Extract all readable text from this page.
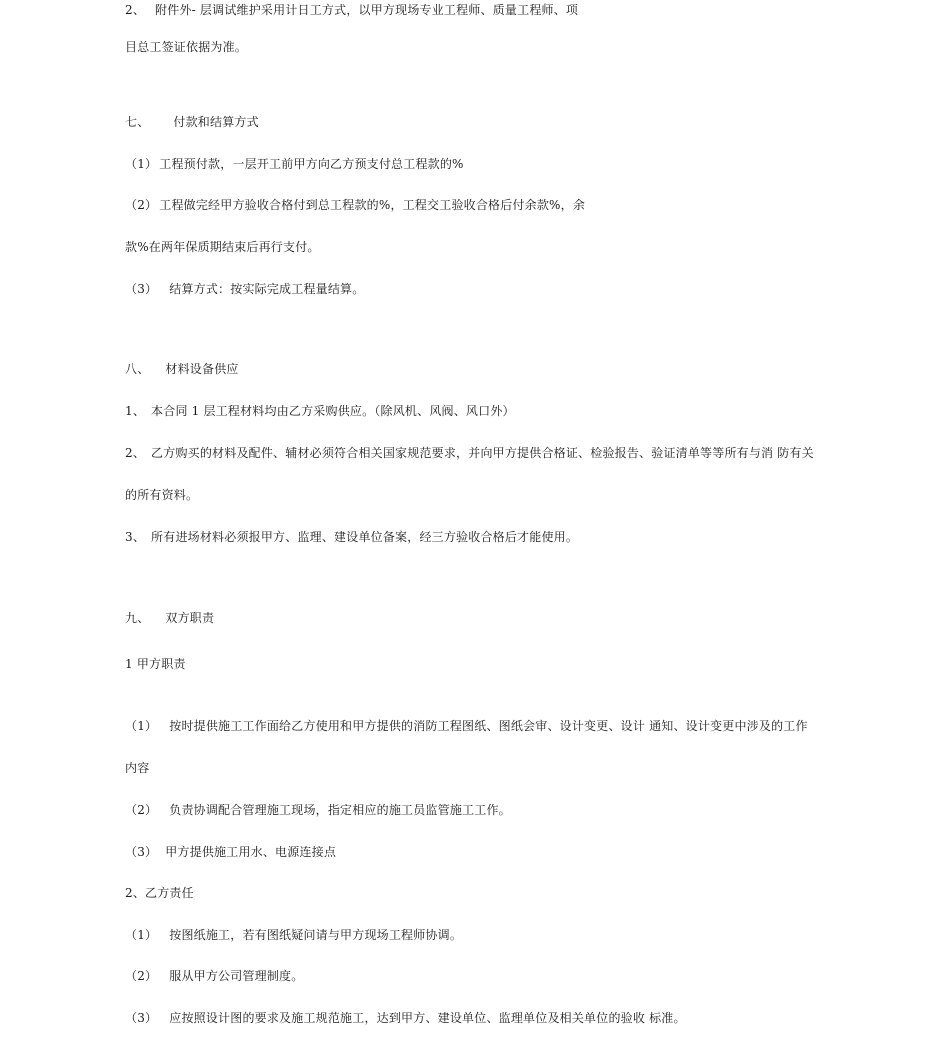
2、 附件外- 层调试维护采用计日工方式，以甲方现场专业工程师、质量工程师、项
目总工签证依据为准。
七、 付款和结算方式
（1） 工程预付款，一层开工前甲方向乙方预支付总工程款的%
（2） 工程做完经甲方验收合格付到总工程款的%，工程交工验收合格后付余款%，余
款%在两年保质期结束后再行支付。
（3） 结算方式：按实际完成工程量结算。
八、 材料设备供应
1、 本合同 1 层工程材料均由乙方采购供应。（除风机、风阀、风口外）
2、 乙方购买的材料及配件、辅材必须符合相关国家规范要求，并向甲方提供合格证、检验报告、验证清单等等所有与消 防有关
的所有资料。
3、 所有进场材料必须报甲方、监理、建设单位备案，经三方验收合格后才能使用。
九、 双方职责
1 甲方职责
（1） 按时提供施工工作面给乙方使用和甲方提供的消防工程图纸、图纸会审、设计变更、设计 通知、设计变更中涉及的工作
内容
（2） 负责协调配合管理施工现场，指定相应的施工员监管施工工作。
（3） 甲方提供施工用水、电源连接点
2、乙方责任
（1） 按图纸施工，若有图纸疑问请与甲方现场工程师协调。
（2） 服从甲方公司管理制度。
（3） 应按照设计图的要求及施工规范施工，达到甲方、建设单位、监理单位及相关单位的验收 标准。
